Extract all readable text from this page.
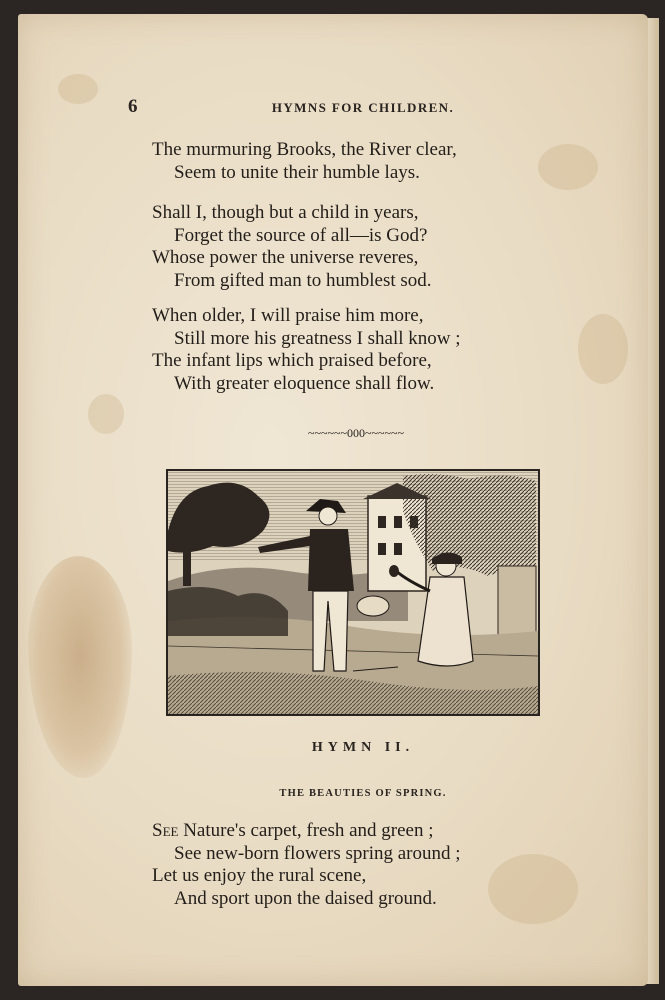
6	HYMNS FOR CHILDREN.
The murmuring Brooks, the River clear,
Seem to unite their humble lays.
Shall I, though but a child in years,
Forget the source of all—is God?
Whose power the universe reveres,
From gifted man to humblest sod.
When older, I will praise him more,
Still more his greatness I shall know ;
The infant lips which praised before,
With greater eloquence shall flow.
~~~~~~000~~~~~~
HYMN II.
THE BEAUTIES OF SPRING.
See Nature's carpet, fresh and green ;
See new-born flowers spring around ;
Let us enjoy the rural scene,
And sport upon the daised ground.
